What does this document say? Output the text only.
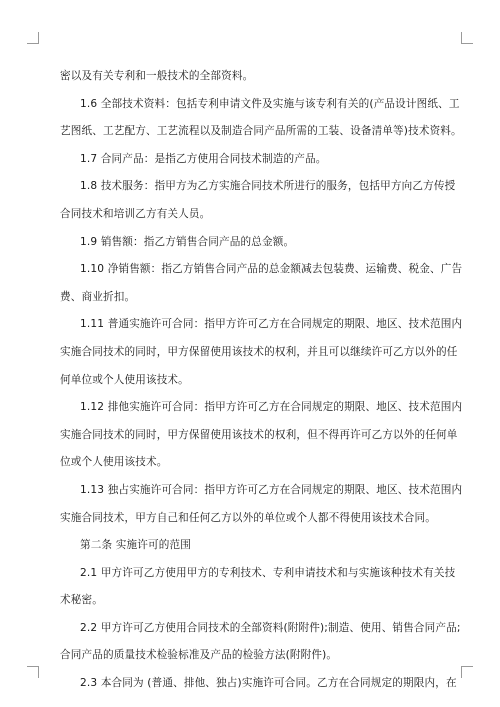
密以及有关专利和一般技术的全部资料。
1.6 全部技术资料：包括专利申请文件及实施与该专利有关的(产品设计图纸、工
艺图纸、工艺配方、工艺流程以及制造合同产品所需的工装、设备清单等)技术资料。
1.7 合同产品：是指乙方使用合同技术制造的产品。
1.8 技术服务：指甲方为乙方实施合同技术所进行的服务，包括甲方向乙方传授
合同技术和培训乙方有关人员。
1.9 销售额：指乙方销售合同产品的总金额。
1.10 净销售额：指乙方销售合同产品的总金额减去包装费、运输费、税金、广告
费、商业折扣。
1.11 普通实施许可合同：指甲方许可乙方在合同规定的期限、地区、技术范围内
实施合同技术的同时，甲方保留使用该技术的权利，并且可以继续许可乙方以外的任
何单位或个人使用该技术。
1.12 排他实施许可合同：指甲方许可乙方在合同规定的期限、地区、技术范围内
实施合同技术的同时，甲方保留使用该技术的权利，但不得再许可乙方以外的任何单
位或个人使用该技术。
1.13 独占实施许可合同：指甲方许可乙方在合同规定的期限、地区、技术范围内
实施合同技术，甲方自己和任何乙方以外的单位或个人都不得使用该技术合同。
第二条 实施许可的范围
2.1 甲方许可乙方使用甲方的专利技术、专利申请技术和与实施该种技术有关技
术秘密。
2.2 甲方许可乙方使用合同技术的全部资料(附附件);制造、使用、销售合同产品;
合同产品的质量技术检验标准及产品的检验方法(附附件)。
2.3 本合同为 (普通、排他、独占)实施许可合同。乙方在合同规定的期限内，在
